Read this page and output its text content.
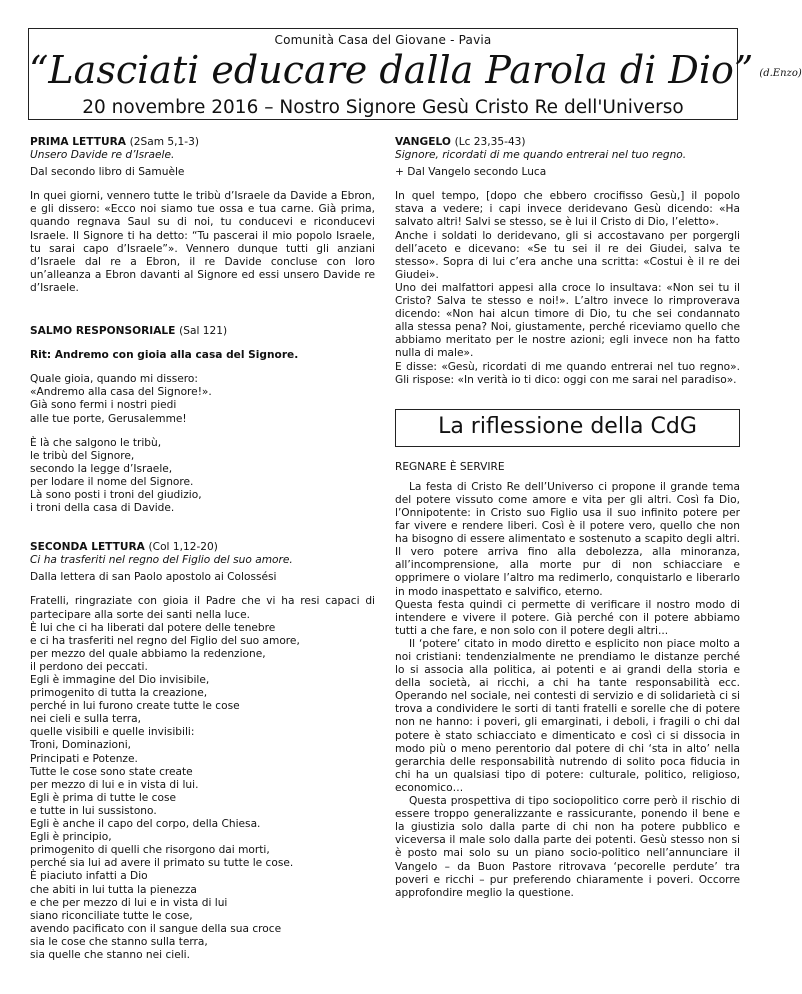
Comunità Casa del Giovane - Pavia
“Lasciati educare dalla Parola di Dio” (d.Enzo)
20 novembre 2016 – Nostro Signore Gesù Cristo Re dell'Universo
PRIMA LETTURA (2Sam 5,1-3)
Unsero Davide re d’Israele.
Dal secondo libro di Samuèle

In quei giorni, vennero tutte le tribù d’Israele da Davide a Ebron, e gli dissero: «Ecco noi siamo tue ossa e tua carne. Già prima, quando regnava Saul su di noi, tu conducevi e riconducevi Israele. Il Signore ti ha detto: “Tu pascerai il mio popolo Israele, tu sarai capo d’Israele”». Vennero dunque tutti gli anziani d’Israele dal re a Ebron, il re Davide concluse con loro un’alleanza a Ebron davanti al Signore ed essi unsero Davide re d’Israele.

SALMO RESPONSORIALE (Sal 121)
Rit: Andremo con gioia alla casa del Signore.
Quale gioia, quando mi dissero:
«Andremo alla casa del Signore!».
Già sono fermi i nostri piedi
alle tue porte, Gerusalemme!
È là che salgono le tribù,
le tribù del Signore,
secondo la legge d’Israele,
per lodare il nome del Signore.
Là sono posti i troni del giudizio,
i troni della casa di Davide.
SECONDA LETTURA (Col 1,12-20)
Ci ha trasferiti nel regno del Figlio del suo amore.
Dalla lettera di san Paolo apostolo ai Colossési

Fratelli, ringraziate con gioia il Padre che vi ha resi capaci di partecipare alla sorte dei santi nella luce.

È lui che ci ha liberati dal potere delle tenebre
e ci ha trasferiti nel regno del Figlio del suo amore,
per mezzo del quale abbiamo la redenzione,
il perdono dei peccati.
Egli è immagine del Dio invisibile,
primogenito di tutta la creazione,
perché in lui furono create tutte le cose
nei cieli e sulla terra,
quelle visibili e quelle invisibili:
Troni, Dominazioni,
Principati e Potenze.
Tutte le cose sono state create
per mezzo di lui e in vista di lui.
Egli è prima di tutte le cose
e tutte in lui sussistono.
Egli è anche il capo del corpo, della Chiesa.
Egli è principio,
primogenito di quelli che risorgono dai morti,
perché sia lui ad avere il primato su tutte le cose.
È piaciuto infatti a Dio
che abiti in lui tutta la pienezza
e che per mezzo di lui e in vista di lui
siano riconciliate tutte le cose,
avendo pacificato con il sangue della sua croce
sia le cose che stanno sulla terra,
sia quelle che stanno nei cieli.
VANGELO (Lc 23,35-43)
Signore, ricordati di me quando entrerai nel tuo regno.
+ Dal Vangelo secondo Luca

In quel tempo, [dopo che ebbero crocifisso Gesù,] il popolo stava a vedere; i capi invece deridevano Gesù dicendo: «Ha salvato altri! Salvi se stesso, se è lui il Cristo di Dio, l’eletto».

Anche i soldati lo deridevano, gli si accostavano per porgergli dell’aceto e dicevano: «Se tu sei il re dei Giudei, salva te stesso». Sopra di lui c’era anche una scritta: «Costui è il re dei Giudei».

Uno dei malfattori appesi alla croce lo insultava: «Non sei tu il Cristo? Salva te stesso e noi!». L’altro invece lo rimproverava dicendo: «Non hai alcun timore di Dio, tu che sei condannato alla stessa pena? Noi, giustamente, perché riceviamo quello che abbiamo meritato per le nostre azioni; egli invece non ha fatto nulla di male».

E disse: «Gesù, ricordati di me quando entrerai nel tuo regno». Gli rispose: «In verità io ti dico: oggi con me sarai nel paradiso».

La riflessione della CdG
REGNARE È SERVIRE

La festa di Cristo Re dell’Universo ci propone il grande tema del potere vissuto come amore e vita per gli altri. Così fa Dio, l’Onnipotente: in Cristo suo Figlio usa il suo infinito potere per far vivere e rendere liberi. Così è il potere vero, quello che non ha bisogno di essere alimentato e sostenuto a scapito degli altri. Il vero potere arriva fino alla debolezza, alla minoranza, all’incomprensione, alla morte pur di non schiacciare e opprimere o violare l’altro ma redimerlo, conquistarlo e liberarlo in modo inaspettato e salvifico, eterno.

Questa festa quindi ci permette di verificare il nostro modo di intendere e vivere il potere. Già perché con il potere abbiamo tutti a che fare, e non solo con il potere degli altri...

Il ‘potere’ citato in modo diretto e esplicito non piace molto a noi cristiani: tendenzialmente ne prendiamo le distanze perché lo si associa alla politica, ai potenti e ai grandi della storia e della società, ai ricchi, a chi ha tante responsabilità ecc. Operando nel sociale, nei contesti di servizio e di solidarietà ci si trova a condividere le sorti di tanti fratelli e sorelle che di potere non ne hanno: i poveri, gli emarginati, i deboli, i fragili o chi dal potere è stato schiacciato e dimenticato e così ci si dissocia in modo più o meno perentorio dal potere di chi ‘sta in alto’ nella gerarchia delle responsabilità nutrendo di solito poca fiducia in chi ha un qualsiasi tipo di potere: culturale, politico, religioso, economico…

Questa prospettiva di tipo sociopolitico corre però il rischio di essere troppo generalizzante e rassicurante, ponendo il bene e la giustizia solo dalla parte di chi non ha potere pubblico e viceversa il male solo dalla parte dei potenti. Gesù stesso non si è posto mai solo su un piano socio-politico nell’annunciare il Vangelo – da Buon Pastore ritrovava ‘pecorelle perdute’ tra poveri e ricchi – pur preferendo chiaramente i poveri. Occorre approfondire meglio la questione.
